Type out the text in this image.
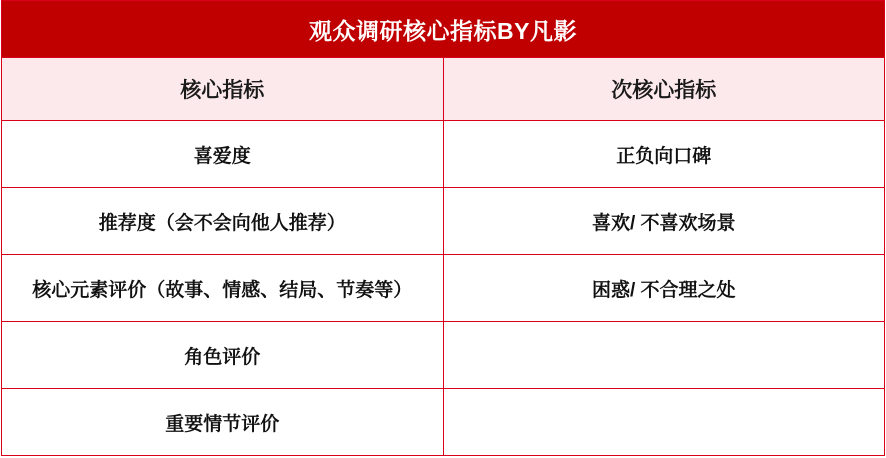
观众调研核心指标BY凡影	
核心指标	次核心指标
喜爱度	正负向口碑
推荐度（会不会向他人推荐）	喜欢/ 不喜欢场景
核心元素评价（故事、情感、结局、节奏等）	困惑/ 不合理之处
角色评价	
重要情节评价	
